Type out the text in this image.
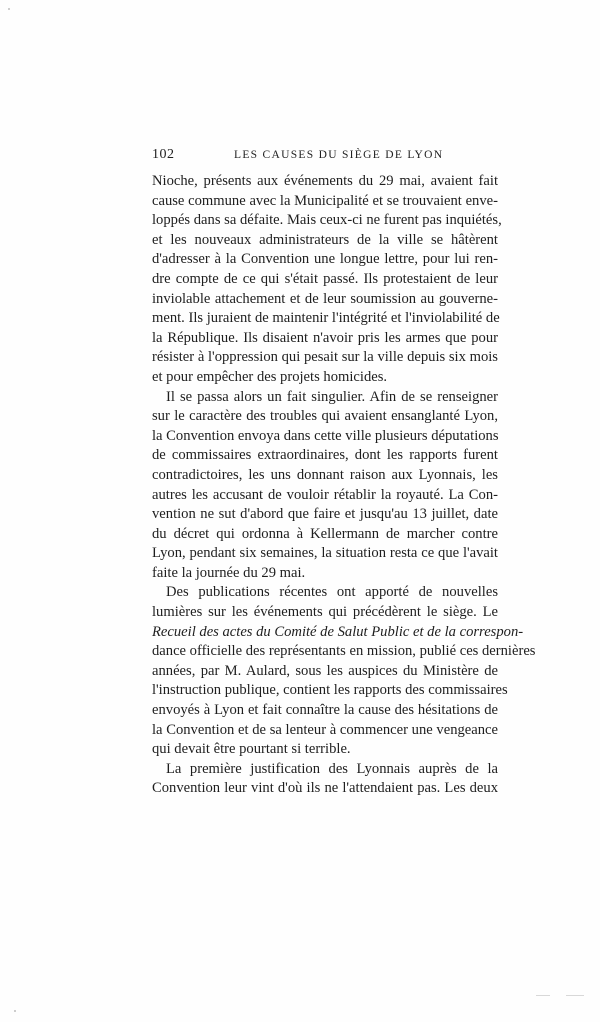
102	LES CAUSES DU SIÈGE DE LYON
Nioche, présents aux événements du 29 mai, avaient fait
cause commune avec la Municipalité et se trouvaient enve-
loppés dans sa défaite. Mais ceux-ci ne furent pas inquiétés,
et les nouveaux administrateurs de la ville se hâtèrent
d'adresser à la Convention une longue lettre, pour lui ren-
dre compte de ce qui s'était passé. Ils protestaient de leur
inviolable attachement et de leur soumission au gouverne-
ment. Ils juraient de maintenir l'intégrité et l'inviolabilité de
la République. Ils disaient n'avoir pris les armes que pour
résister à l'oppression qui pesait sur la ville depuis six mois
et pour empêcher des projets homicides.
Il se passa alors un fait singulier. Afin de se renseigner
sur le caractère des troubles qui avaient ensanglanté Lyon,
la Convention envoya dans cette ville plusieurs députations
de commissaires extraordinaires, dont les rapports furent
contradictoires, les uns donnant raison aux Lyonnais, les
autres les accusant de vouloir rétablir la royauté. La Con-
vention ne sut d'abord que faire et jusqu'au 13 juillet, date
du décret qui ordonna à Kellermann de marcher contre
Lyon, pendant six semaines, la situation resta ce que l'avait
faite la journée du 29 mai.
Des publications récentes ont apporté de nouvelles
lumières sur les événements qui précédèrent le siège. Le
Recueil des actes du Comité de Salut Public et de la correspon-
dance officielle des représentants en mission, publié ces dernières
années, par M. Aulard, sous les auspices du Ministère de
l'instruction publique, contient les rapports des commissaires
envoyés à Lyon et fait connaître la cause des hésitations de
la Convention et de sa lenteur à commencer une vengeance
qui devait être pourtant si terrible.
La première justification des Lyonnais auprès de la
Convention leur vint d'où ils ne l'attendaient pas. Les deux
